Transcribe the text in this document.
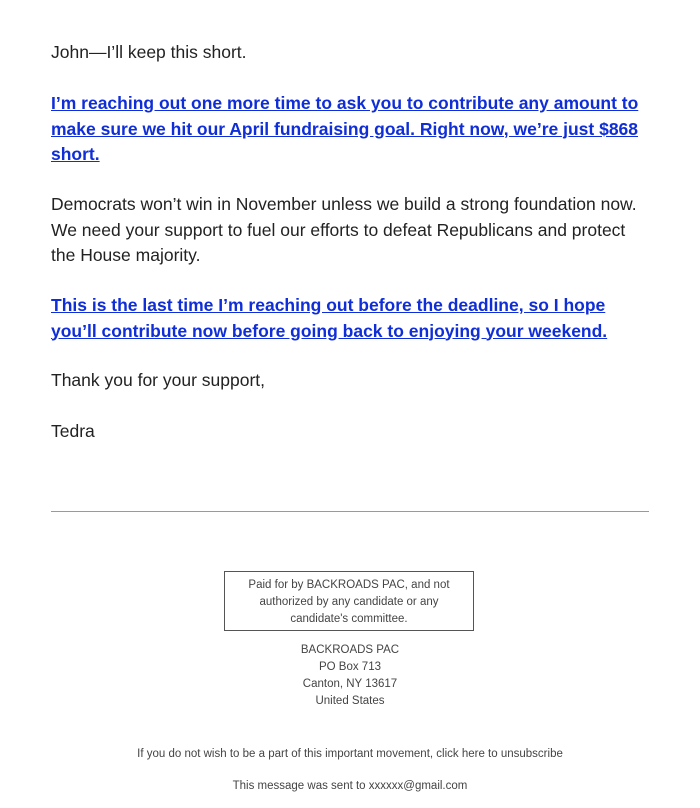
John—I’ll keep this short.

I’m reaching out one more time to ask you to contribute any amount to make sure we hit our April fundraising goal. Right now, we’re just $868 short.

Democrats won’t win in November unless we build a strong foundation now. We need your support to fuel our efforts to defeat Republicans and protect the House majority.

This is the last time I’m reaching out before the deadline, so I hope you’ll contribute now before going back to enjoying your weekend.

Thank you for your support,

Tedra

Paid for by BACKROADS PAC, and not authorized by any candidate or any candidate's committee.
BACKROADS PAC
PO Box 713
Canton, NY 13617
United States
If you do not wish to be a part of this important movement, click here to unsubscribe
This message was sent to xxxxxx@gmail.com
